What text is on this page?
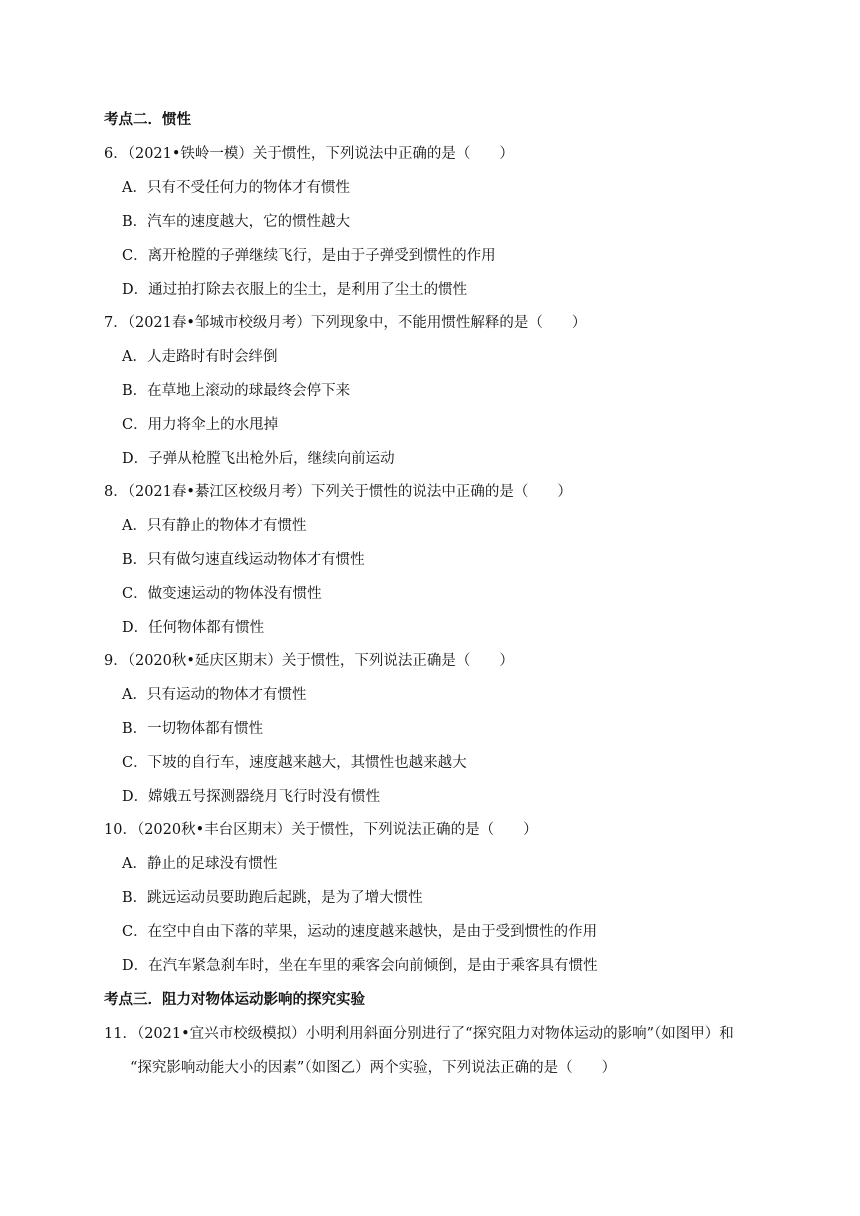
考点二．惯性
6．（2021•铁岭一模）关于惯性，下列说法中正确的是（　　）
A．只有不受任何力的物体才有惯性
B．汽车的速度越大，它的惯性越大
C．离开枪膛的子弹继续飞行，是由于子弹受到惯性的作用
D．通过拍打除去衣服上的尘土，是利用了尘土的惯性
7．（2021春•邹城市校级月考）下列现象中，不能用惯性解释的是（　　）
A．人走路时有时会绊倒
B．在草地上滚动的球最终会停下来
C．用力将伞上的水甩掉
D．子弹从枪膛飞出枪外后，继续向前运动
8．（2021春•綦江区校级月考）下列关于惯性的说法中正确的是（　　）
A．只有静止的物体才有惯性
B．只有做匀速直线运动物体才有惯性
C．做变速运动的物体没有惯性
D．任何物体都有惯性
9．（2020秋•延庆区期末）关于惯性，下列说法正确是（　　）
A．只有运动的物体才有惯性
B．一切物体都有惯性
C．下坡的自行车，速度越来越大，其惯性也越来越大
D．嫦娥五号探测器绕月飞行时没有惯性
10．（2020秋•丰台区期末）关于惯性，下列说法正确的是（　　）
A．静止的足球没有惯性
B．跳远运动员要助跑后起跳，是为了增大惯性
C．在空中自由下落的苹果，运动的速度越来越快，是由于受到惯性的作用
D．在汽车紧急刹车时，坐在车里的乘客会向前倾倒，是由于乘客具有惯性
考点三．阻力对物体运动影响的探究实验
11．（2021•宜兴市校级模拟）小明利用斜面分别进行了“探究阻力对物体运动的影响”（如图甲）和
“探究影响动能大小的因素”（如图乙）两个实验，下列说法正确的是（　　）
